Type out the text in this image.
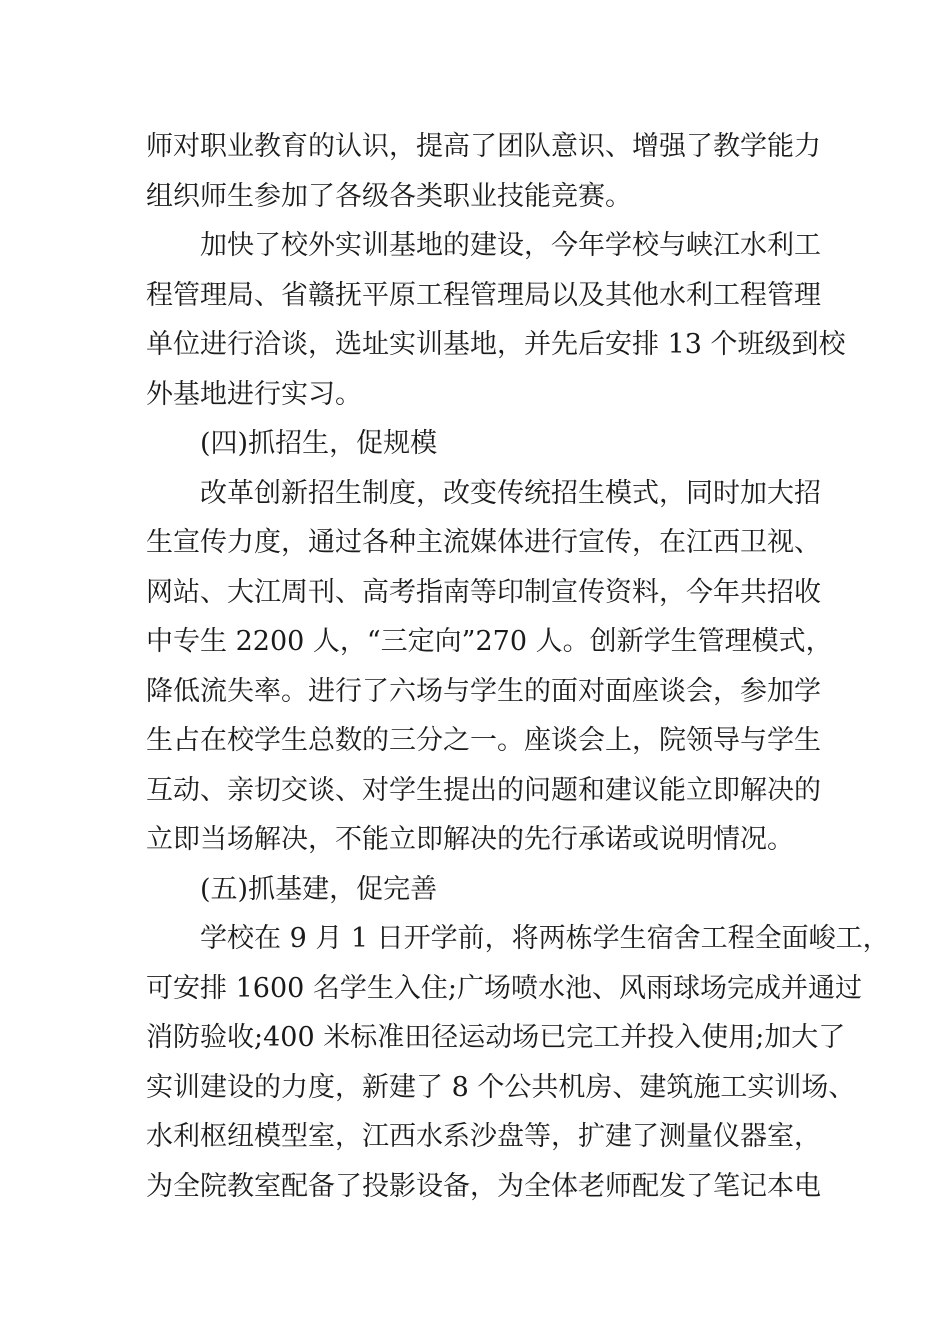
师对职业教育的认识，提高了团队意识、增强了教学能力
组织师生参加了各级各类职业技能竞赛。
加快了校外实训基地的建设，今年学校与峡江水利工
程管理局、省赣抚平原工程管理局以及其他水利工程管理
单位进行洽谈，选址实训基地，并先后安排 13 个班级到校
外基地进行实习。
(四)抓招生，促规模
改革创新招生制度，改变传统招生模式，同时加大招
生宣传力度，通过各种主流媒体进行宣传，在江西卫视、
网站、大江周刊、高考指南等印制宣传资料，今年共招收
中专生 2200 人，“三定向”270 人。创新学生管理模式，
降低流失率。进行了六场与学生的面对面座谈会，参加学
生占在校学生总数的三分之一。座谈会上，院领导与学生
互动、亲切交谈、对学生提出的问题和建议能立即解决的
立即当场解决，不能立即解决的先行承诺或说明情况。
(五)抓基建，促完善
学校在 9 月 1 日开学前，将两栋学生宿舍工程全面峻工，
可安排 1600 名学生入住;广场喷水池、风雨球场完成并通过
消防验收;400 米标准田径运动场已完工并投入使用;加大了
实训建设的力度，新建了 8 个公共机房、建筑施工实训场、
水利枢纽模型室，江西水系沙盘等，扩建了测量仪器室，
为全院教室配备了投影设备，为全体老师配发了笔记本电
